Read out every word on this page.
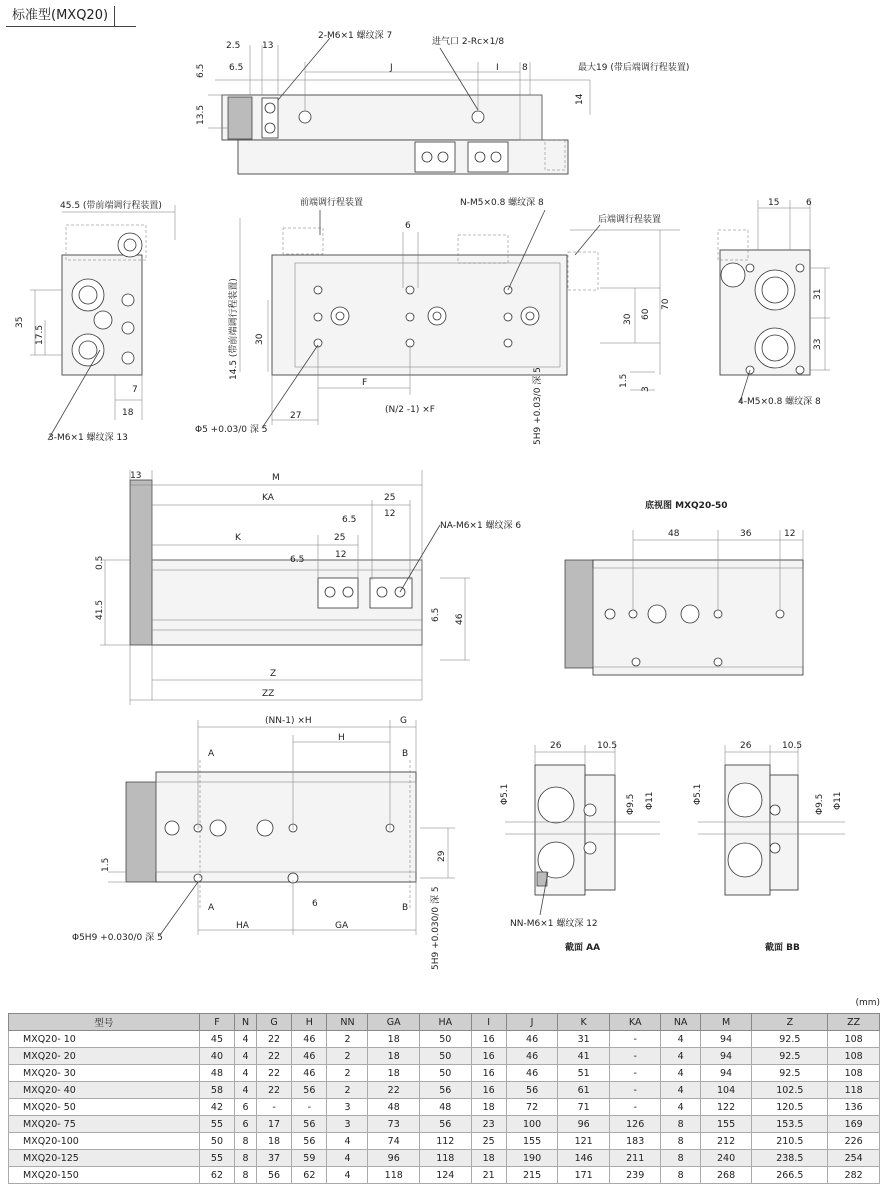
标准型(MXQ20)
2.5 13
6.5
6.5
13.5
J	I	8
14
2-M6×1 螺纹深 7
进气口 2-Rc×1/8
最大19 (带后端调行程装置)
45.5 (带前端调行程装置)
35
17.5
7
18
3-M6×1 螺纹深 13
前端调行程装置	N-M5×0.8 螺纹深 8
后端调行程装置
6
14.5 (带前端调行程装置) 30
30 60
70
1.5
3
27
F
(N/2 -1) ×F
Φ5 +0.03/0 深 5	5H9 +0.03/0 深 5
15	6
31
33
4-M5×0.8 螺纹深 8
13	M
KA	25
6.5
12
K	25
6.5	12
0.5
41.5	6.5 46
Z
ZZ
NA-M6×1 螺纹深 6
底视图 MXQ20-50
48	36	12
(NN-1) ×H	G
H
A	B
1.5
29
6
A	B
HA	GA
Φ5H9 +0.030/0 深 5	5H9 +0.030/0 深 5
26	10.5
Φ5.1	Φ9.5 Φ11
NN-M6×1 螺纹深 12
截面 AA
26	10.5
Φ5.1	Φ9.5 Φ11
截面 BB
(mm)
型号	F	N	G	H	NN	GA	HA	I	J	K	KA	NA	M	Z	ZZ
MXQ20- 10	45	4	22	46	2	18	50	16	46	31	-	4	94	92.5	108
MXQ20- 20	40	4	22	46	2	18	50	16	46	41	-	4	94	92.5	108
MXQ20- 30	48	4	22	46	2	18	50	16	46	51	-	4	94	92.5	108
MXQ20- 40	58	4	22	56	2	22	56	16	56	61	-	4	104	102.5	118
MXQ20- 50	42	6	-	-	3	48	48	18	72	71	-	4	122	120.5	136
MXQ20- 75	55	6	17	56	3	73	56	23	100	96	126	8	155	153.5	169
MXQ20-100	50	8	18	56	4	74	112	25	155	121	183	8	212	210.5	226
MXQ20-125	55	8	37	59	4	96	118	18	190	146	211	8	240	238.5	254
MXQ20-150	62	8	56	62	4	118	124	21	215	171	239	8	268	266.5	282
